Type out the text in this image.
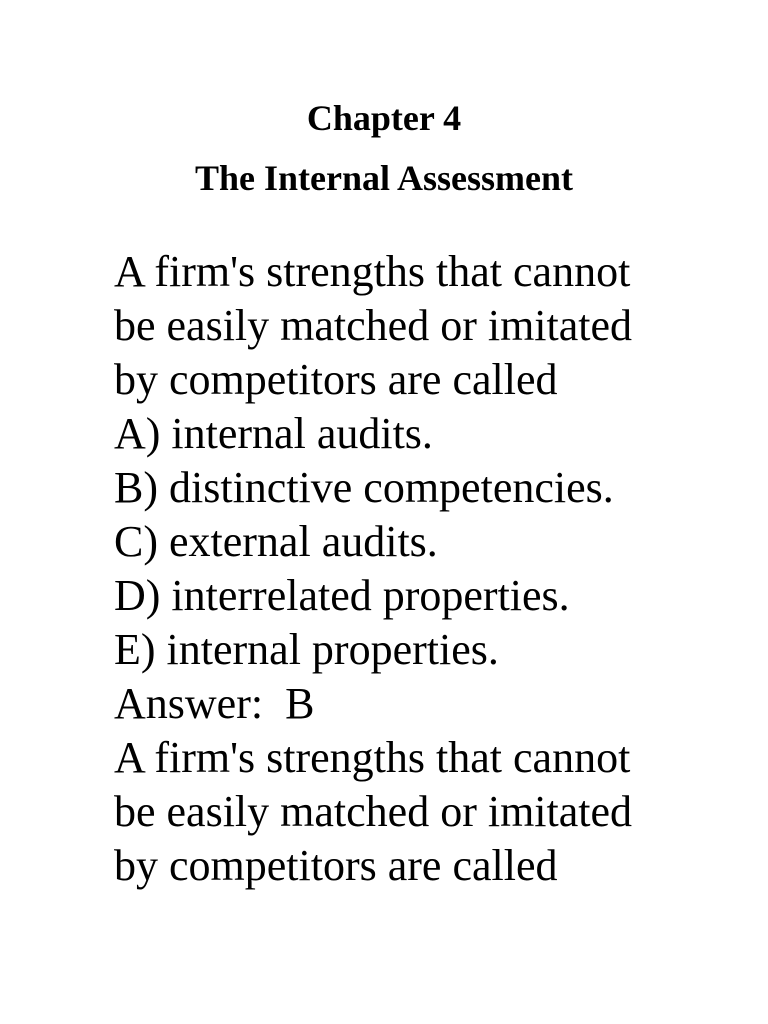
Chapter 4
The Internal Assessment
A firm's strengths that cannot
be easily matched or imitated
by competitors are called
A) internal audits.
B) distinctive competencies.
C) external audits.
D) interrelated properties.
E) internal properties.
Answer:  B
A firm's strengths that cannot
be easily matched or imitated
by competitors are called
